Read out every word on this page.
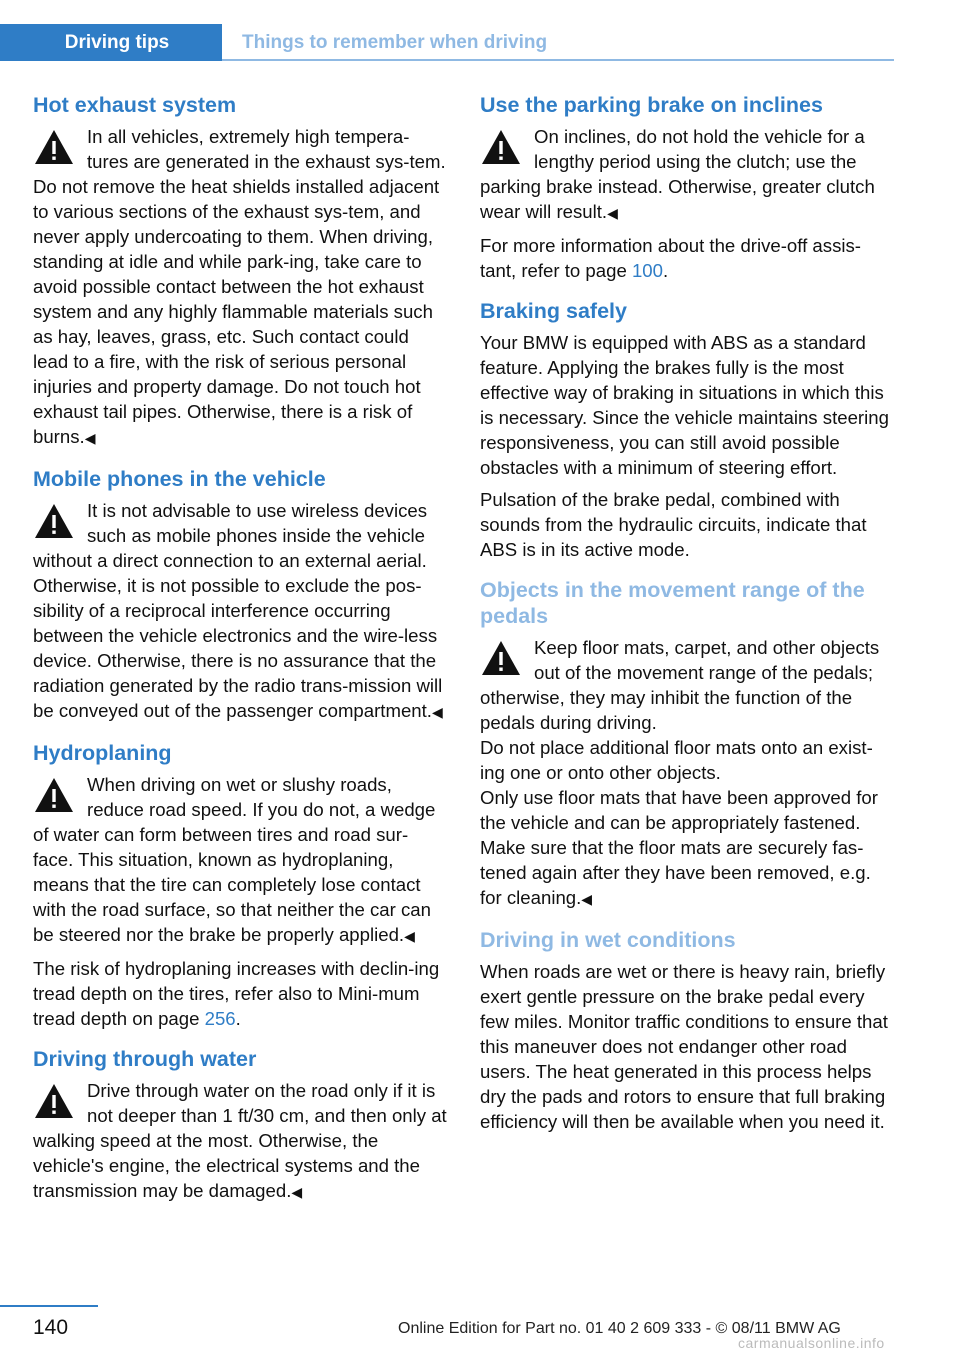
Driving tips	Things to remember when driving
Hot exhaust system

In all vehicles, extremely high tempera-tures are generated in the exhaust sys-tem. Do not remove the heat shields installed adjacent to various sections of the exhaust sys-tem, and never apply undercoating to them. When driving, standing at idle and while park-ing, take care to avoid possible contact between the hot exhaust system and any highly flammable materials such as hay, leaves, grass, etc. Such contact could lead to a fire, with the risk of serious personal injuries and property damage. Do not touch hot exhaust tail pipes. Otherwise, there is a risk of burns.◀

Mobile phones in the vehicle

It is not advisable to use wireless devices such as mobile phones inside the vehicle without a direct connection to an external aerial. Otherwise, it is not possible to exclude the pos-sibility of a reciprocal interference occurring between the vehicle electronics and the wire-less device. Otherwise, there is no assurance that the radiation generated by the radio trans-mission will be conveyed out of the passenger compartment.◀

Hydroplaning

When driving on wet or slushy roads, reduce road speed. If you do not, a wedge of water can form between tires and road sur-face. This situation, known as hydroplaning, means that the tire can completely lose contact with the road surface, so that neither the car can be steered nor the brake be properly applied.◀

The risk of hydroplaning increases with declin-ing tread depth on the tires, refer also to Mini-mum tread depth on page 256.

Driving through water

Drive through water on the road only if it is not deeper than 1 ft/30 cm, and then only at walking speed at the most. Otherwise, the vehicle's engine, the electrical systems and the transmission may be damaged.◀

Use the parking brake on inclines

On inclines, do not hold the vehicle for a lengthy period using the clutch; use the parking brake instead. Otherwise, greater clutch wear will result.◀

For more information about the drive-off assis-tant, refer to page 100.

Braking safely

Your BMW is equipped with ABS as a standard feature. Applying the brakes fully is the most effective way of braking in situations in which this is necessary. Since the vehicle maintains steering responsiveness, you can still avoid possible obstacles with a minimum of steering effort.

Pulsation of the brake pedal, combined with sounds from the hydraulic circuits, indicate that ABS is in its active mode.

Objects in the movement range of the pedals

Keep floor mats, carpet, and other objects out of the movement range of the pedals; otherwise, they may inhibit the function of the pedals during driving.
Do not place additional floor mats onto an exist-ing one or onto other objects.
Only use floor mats that have been approved for the vehicle and can be appropriately fastened.
Make sure that the floor mats are securely fas-tened again after they have been removed, e.g. for cleaning.◀

Driving in wet conditions

When roads are wet or there is heavy rain, briefly exert gentle pressure on the brake pedal every few miles. Monitor traffic conditions to ensure that this maneuver does not endanger other road users. The heat generated in this process helps dry the pads and rotors to ensure that full braking efficiency will then be available when you need it.

140	Online Edition for Part no. 01 40 2 609 333 - © 08/11 BMW AG
carmanualsonline.info
